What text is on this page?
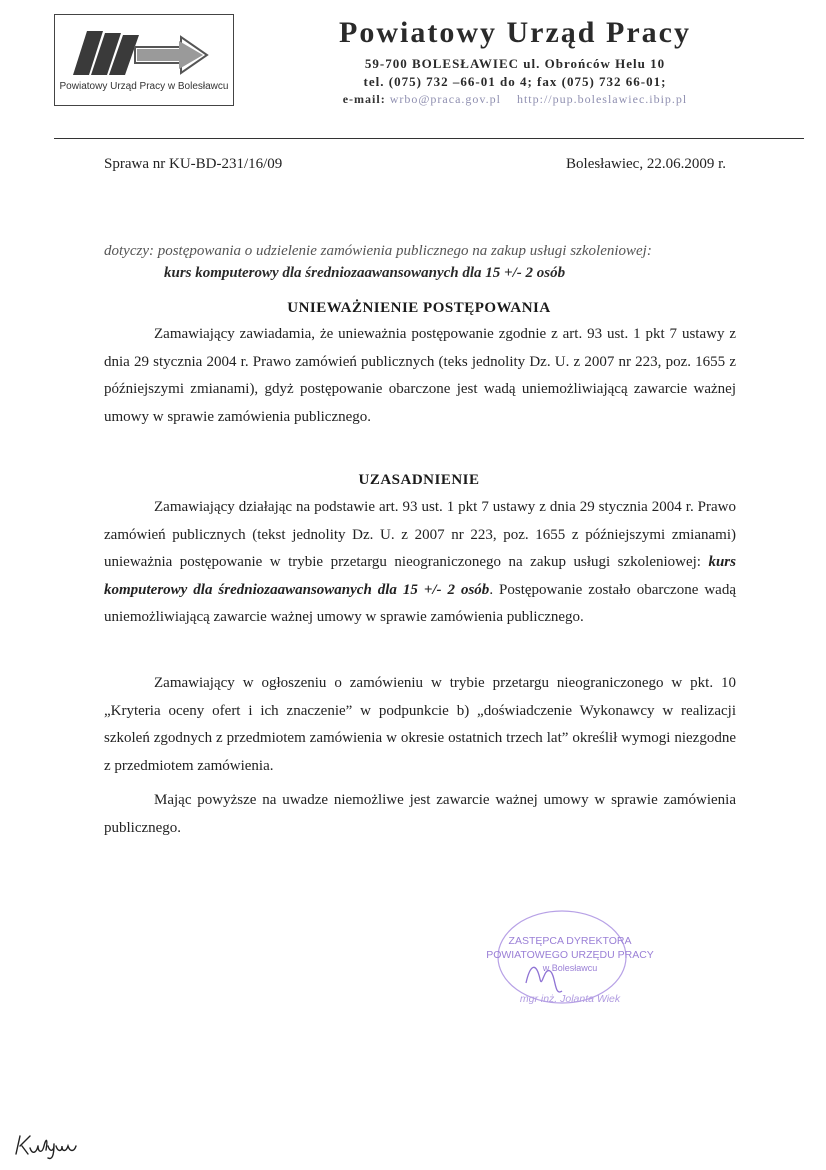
Powiatowy Urząd Pracy w Bolesławcu
Powiatowy Urząd Pracy
59-700 BOLESŁAWIEC ul. Obrońców Helu 10
tel. (075) 732 –66-01 do 4; fax (075) 732 66-01;
e-mail: wrbo@praca.gov.pl http://pup.boleslawiec.ibip.pl
Sprawa nr KU-BD-231/16/09	Bolesławiec, 22.06.2009 r.
dotyczy: postępowania o udzielenie zamówienia publicznego na zakup usługi szkoleniowej:
kurs komputerowy dla średniozaawansowanych dla 15 +/- 2 osób
UNIEWAŻNIENIE POSTĘPOWANIA
Zamawiający zawiadamia, że unieważnia postępowanie zgodnie z art. 93 ust. 1 pkt 7 ustawy z dnia 29 stycznia 2004 r. Prawo zamówień publicznych (teks jednolity Dz. U. z 2007 nr 223, poz. 1655 z późniejszymi zmianami), gdyż postępowanie obarczone jest wadą uniemożliwiającą zawarcie ważnej umowy w sprawie zamówienia publicznego.
UZASADNIENIE
Zamawiający działając na podstawie art. 93 ust. 1 pkt 7 ustawy z dnia 29 stycznia 2004 r. Prawo zamówień publicznych (tekst jednolity Dz. U. z 2007 nr 223, poz. 1655 z późniejszymi zmianami) unieważnia postępowanie w trybie przetargu nieograniczonego na zakup usługi szkoleniowej: kurs komputerowy dla średniozaawansowanych dla 15 +/- 2 osób. Postępowanie zostało obarczone wadą uniemożliwiającą zawarcie ważnej umowy w sprawie zamówienia publicznego.
Zamawiający w ogłoszeniu o zamówieniu w trybie przetargu nieograniczonego w pkt. 10 „Kryteria oceny ofert i ich znaczenie” w podpunkcie b) „doświadczenie Wykonawcy w realizacji szkoleń zgodnych z przedmiotem zamówienia w okresie ostatnich trzech lat” określił wymogi niezgodne z przedmiotem zamówienia.
Mając powyższe na uwadze niemożliwe jest zawarcie ważnej umowy w sprawie zamówienia publicznego.
ZASTĘPCA DYREKTORA
POWIATOWEGO URZĘDU PRACY
w Bolesławcu
mgr inż. Jolanta Wiek
